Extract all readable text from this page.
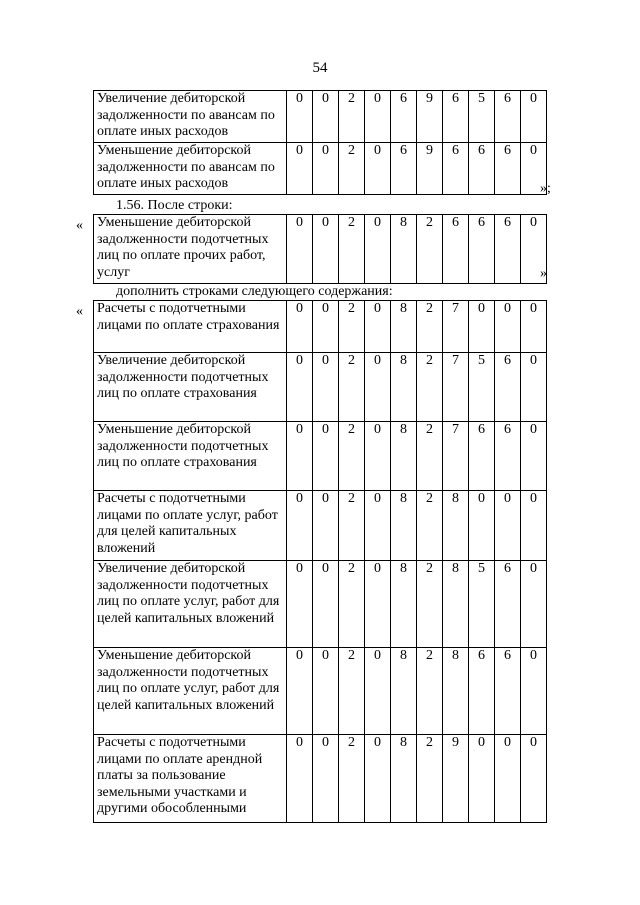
54
Увеличение дебиторской задолженности по авансам по оплате иных расходов	0	0	2	0	6	9	6	5	6	0
Уменьшение дебиторской задолженности по авансам по оплате иных расходов	0	0	2	0	6	9	6	6	6	0
»;
1.56. После строки:
« Уменьшение дебиторской задолженности подотчетных лиц по оплате прочих работ, услуг	0	0	2	0	8	2	6	6	6	0
»
дополнить строками следующего содержания:
« Расчеты с подотчетными лицами по оплате страхования	0	0	2	0	8	2	7	0	0	0
Увеличение дебиторской задолженности подотчетных лиц по оплате страхования	0	0	2	0	8	2	7	5	6	0
Уменьшение дебиторской задолженности подотчетных лиц по оплате страхования	0	0	2	0	8	2	7	6	6	0
Расчеты с подотчетными лицами по оплате услуг, работ для целей капитальных вложений	0	0	2	0	8	2	8	0	0	0
Увеличение дебиторской задолженности подотчетных лиц по оплате услуг, работ для целей капитальных вложений	0	0	2	0	8	2	8	5	6	0
Уменьшение дебиторской задолженности подотчетных лиц по оплате услуг, работ для целей капитальных вложений	0	0	2	0	8	2	8	6	6	0
Расчеты с подотчетными лицами по оплате арендной платы за пользование земельными участками и другими обособленными	0	0	2	0	8	2	9	0	0	0
